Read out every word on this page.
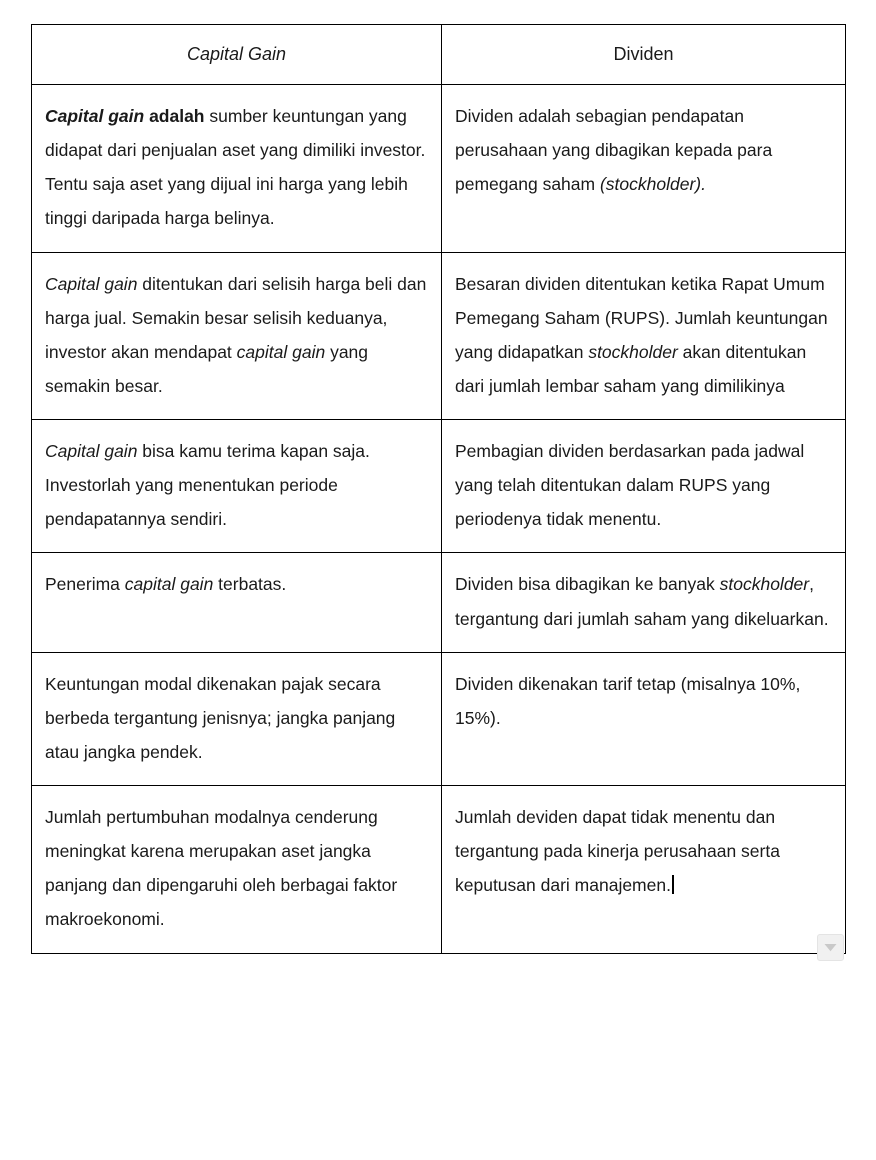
Capital Gain	Dividen
Capital gain adalah sumber keuntungan yang didapat dari penjualan aset yang dimiliki investor. Tentu saja aset yang dijual ini harga yang lebih tinggi daripada harga belinya.	Dividen adalah sebagian pendapatan perusahaan yang dibagikan kepada para pemegang saham (stockholder).
Capital gain ditentukan dari selisih harga beli dan harga jual. Semakin besar selisih keduanya, investor akan mendapat capital gain yang semakin besar.	Besaran dividen ditentukan ketika Rapat Umum Pemegang Saham (RUPS). Jumlah keuntungan yang didapatkan stockholder akan ditentukan dari jumlah lembar saham yang dimilikinya
Capital gain bisa kamu terima kapan saja. Investorlah yang menentukan periode pendapatannya sendiri.	Pembagian dividen berdasarkan pada jadwal yang telah ditentukan dalam RUPS yang periodenya tidak menentu.
Penerima capital gain terbatas.	Dividen bisa dibagikan ke banyak stockholder, tergantung dari jumlah saham yang dikeluarkan.
Keuntungan modal dikenakan pajak secara berbeda tergantung jenisnya; jangka panjang atau jangka pendek.	Dividen dikenakan tarif tetap (misalnya 10%, 15%).
Jumlah pertumbuhan modalnya cenderung meningkat karena merupakan aset jangka panjang dan dipengaruhi oleh berbagai faktor makroekonomi.	Jumlah deviden dapat tidak menentu dan tergantung pada kinerja perusahaan serta keputusan dari manajemen.
